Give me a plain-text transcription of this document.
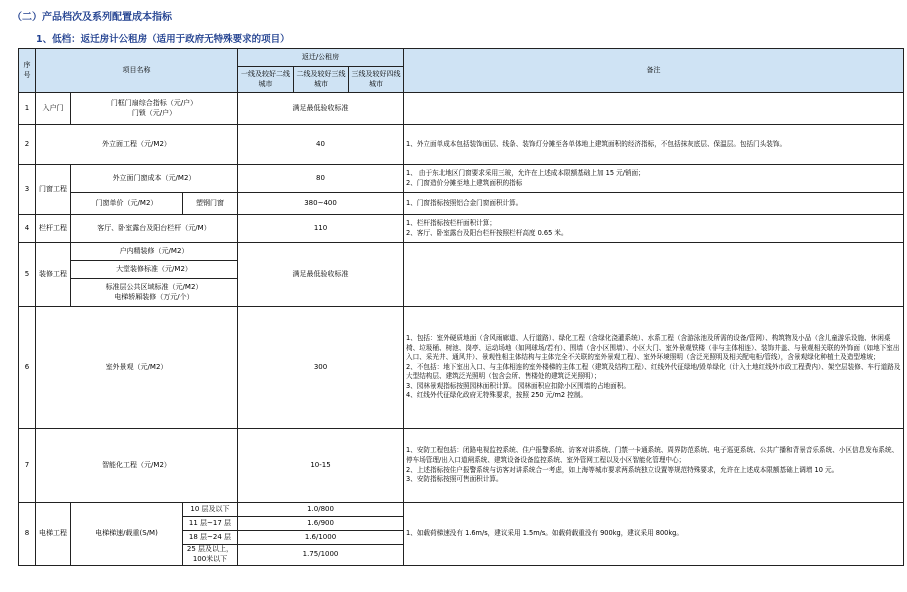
（二）产品档次及系列配置成本指标
1、低档：返迁房计公租房（适用于政府无特殊要求的项目）
序号	项目名称			返迁/公租房			备注
				一线及较好二线城市	二线及较好三线城市	三线及较好四线城市	
1	入户门	门框门扇综合指标（元/户）
门锁（元/户）		满足最低验收标准			
2	外立面工程（元/M2）			40			1、外立面单成本包括装饰面层、线条、装饰灯分摊至各单体地上建筑面积的经济指标，不包括抹灰底层、保温层。包括门头装饰。
3	门窗工程	外立面门窗成本（元/M2）		80			1、 由于东北地区门窗要求采用三玻，允许在上述成本限额基础上加 15 元/销面；
2、门窗造价分摊至地上建筑面积的指标
		门窗单价（元/M2）	塑钢门窗	380~400			1、门窗指标按照铝合金门窗面积计算。
4	栏杆工程	客厅、卧室露台及阳台栏杆（元/M）		110			1、栏杆指标按栏杆面积计算；
2、客厅、卧室露台及阳台栏杆按照栏杆高度 0.65 米。
5	装修工程	户内精装修（元/M2）		满足最低验收标准			
		大堂装修标准（元/M2）					
		标准层公共区域标准（元/M2）
电梯轿厢装修（万元/个）					
6	室外景观（元/M2）			300			1、包括：室外硬质地面（含风雨廊道、人行道路）、绿化工程（含绿化浇灌系统）、水系工程（含游泳池及所需的设备/管网）、构筑物及小品（含儿童游乐设施、休闲桌椅、垃圾桶、树池、岗亭、运动场地（如网球场/若有）、围墙（含小区围墙）、小区大门、室外景观铁楼（非与主体相连）、装饰井盖、与景观相关联的外饰面（如地下室出入口、采光井、通风井）、景观性相主体结构与主体完全不关联的室外景观工程）、室外环境照明（含泛光照明及相关配电柜/管线），含景观绿化种植土及造型堆坡；
2、不包括：地下室出入口、与主体相连的室外楼梯的主体工程（建筑及结构工程）、红线外代征绿地/毁单绿化（计入土地红线外市政工程费内）、架空层装修、车行道路及大型结构层、建筑泛光照明（包含会所、售楼处的建筑泛光照明）；
3、园林景观指标按照园林面积计算。 园林面积应扣除小区围墙的占地面积。
4、红线外代征绿化政府无特殊要求，按照 250 元/m2 控制。
7	智能化工程（元/M2）			10-15			1、安防工程包括：闭路电视监控系统、住户报警系统、访客对讲系统、门禁一卡通系统、周界防范系统、电子巡更系统、公共广播和背景音乐系统、小区信息发布系统、停车场管理/出入口道闸系统、建筑设备设备监控系统、室外管网工程以及小区智能化管理中心；
2、上述指标按住户报警系统与访客对讲系统合一考虑，如上海等城市要求两系统独立设置等规范特殊要求，允许在上述成本限额基础上调增 10 元。
3、安防指标按照可售面积计算。
8	电梯工程	电梯梯速/载重(S/M)	10 层及以下	1.0/800			1、如载荷梯速没有 1.6m/s，建议采用 1.5m/s。如载荷载重没有 900kg，建议采用 800kg。
			11 层~17 层	1.6/900			
			18 层~24 层	1.6/1000			
			25 层及以上，100米以下	1.75/1000			
